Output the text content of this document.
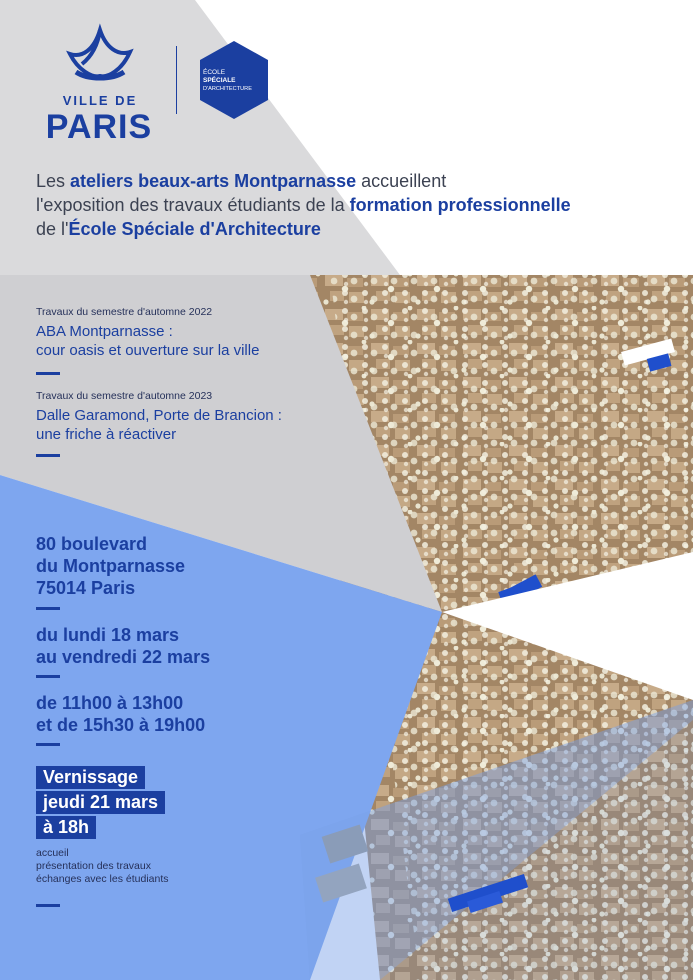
VILLE DE
PARIS
ÉCOLE
SPÉCIALE
D'ARCHITECTURE
Les ateliers beaux-arts Montparnasse accueillent
l'exposition des travaux étudiants de la formation professionnelle
de l'École Spéciale d'Architecture
Travaux du semestre d'automne 2022
ABA Montparnasse :
cour oasis et ouverture sur la ville
Travaux du semestre d'automne 2023
Dalle Garamond, Porte de Brancion :
une friche à réactiver
80 boulevard
du Montparnasse
75014 Paris
du lundi 18 mars
au vendredi 22 mars
de 11h00 à 13h00
et de 15h30 à 19h00
Vernissage
jeudi 21 mars
à 18h
accueil
présentation des travaux
échanges avec les étudiants
